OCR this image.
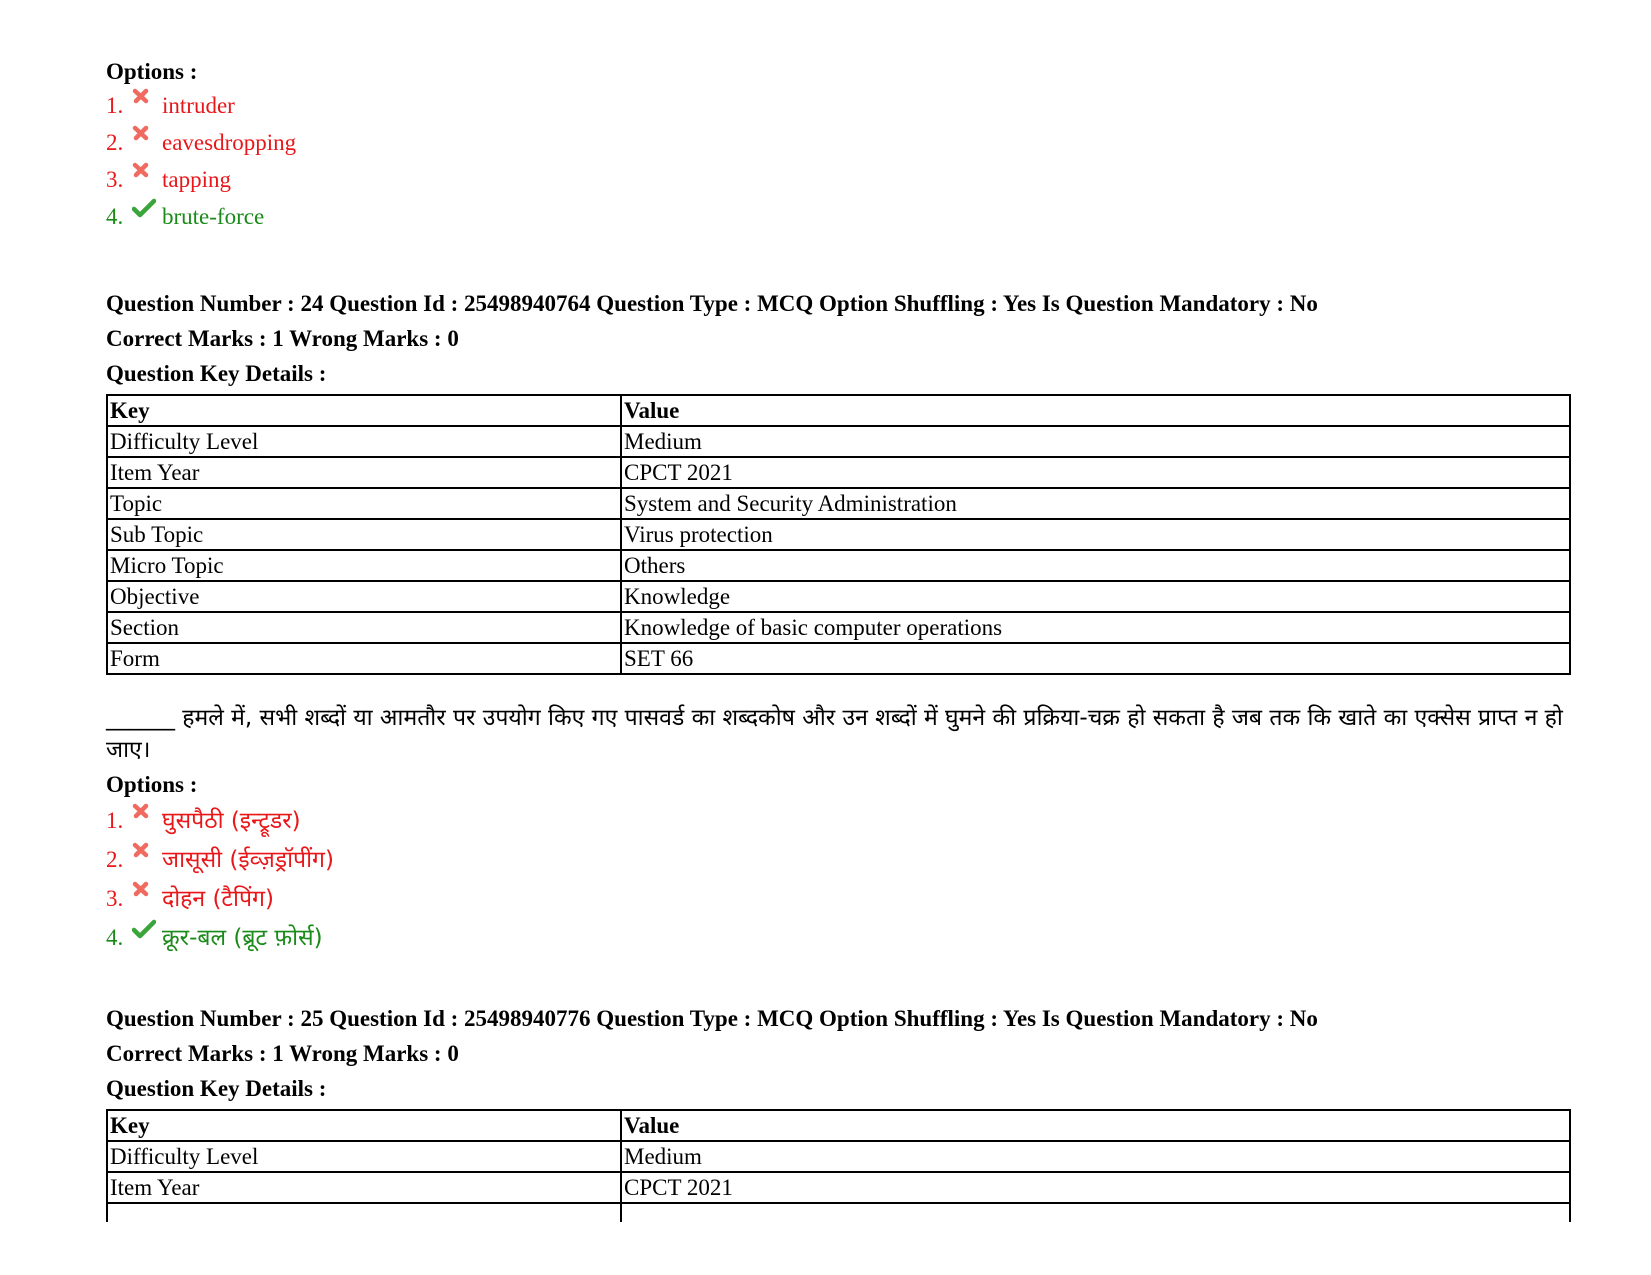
Options :
1.	intruder
2.	eavesdropping
3.	tapping
4.	brute-force
Question Number : 24 Question Id : 25498940764 Question Type : MCQ Option Shuffling : Yes Is Question Mandatory : No
Correct Marks : 1 Wrong Marks : 0
Question Key Details :
Key	Value
Difficulty Level	Medium
Item Year	CPCT 2021
Topic	System and Security Administration
Sub Topic	Virus protection
Micro Topic	Others
Objective	Knowledge
Section	Knowledge of basic computer operations
Form	SET 66
______ हमले में, सभी शब्दों या आमतौर पर उपयोग किए गए पासवर्ड का शब्दकोष और उन शब्दों में घुमने की प्रक्रिया-चक्र हो सकता है जब तक कि खाते का एक्सेस प्राप्त न हो जाए।
Options :
1.	घुसपैठी (इन्ट्रूडर)
2.	जासूसी (ईव्ज़ड्रॉपींग)
3.	दोहन (टैपिंग)
4.	क्रूर-बल (ब्रूट फ़ोर्स)
Question Number : 25 Question Id : 25498940776 Question Type : MCQ Option Shuffling : Yes Is Question Mandatory : No
Correct Marks : 1 Wrong Marks : 0
Question Key Details :
Key	Value
Difficulty Level	Medium
Item Year	CPCT 2021
